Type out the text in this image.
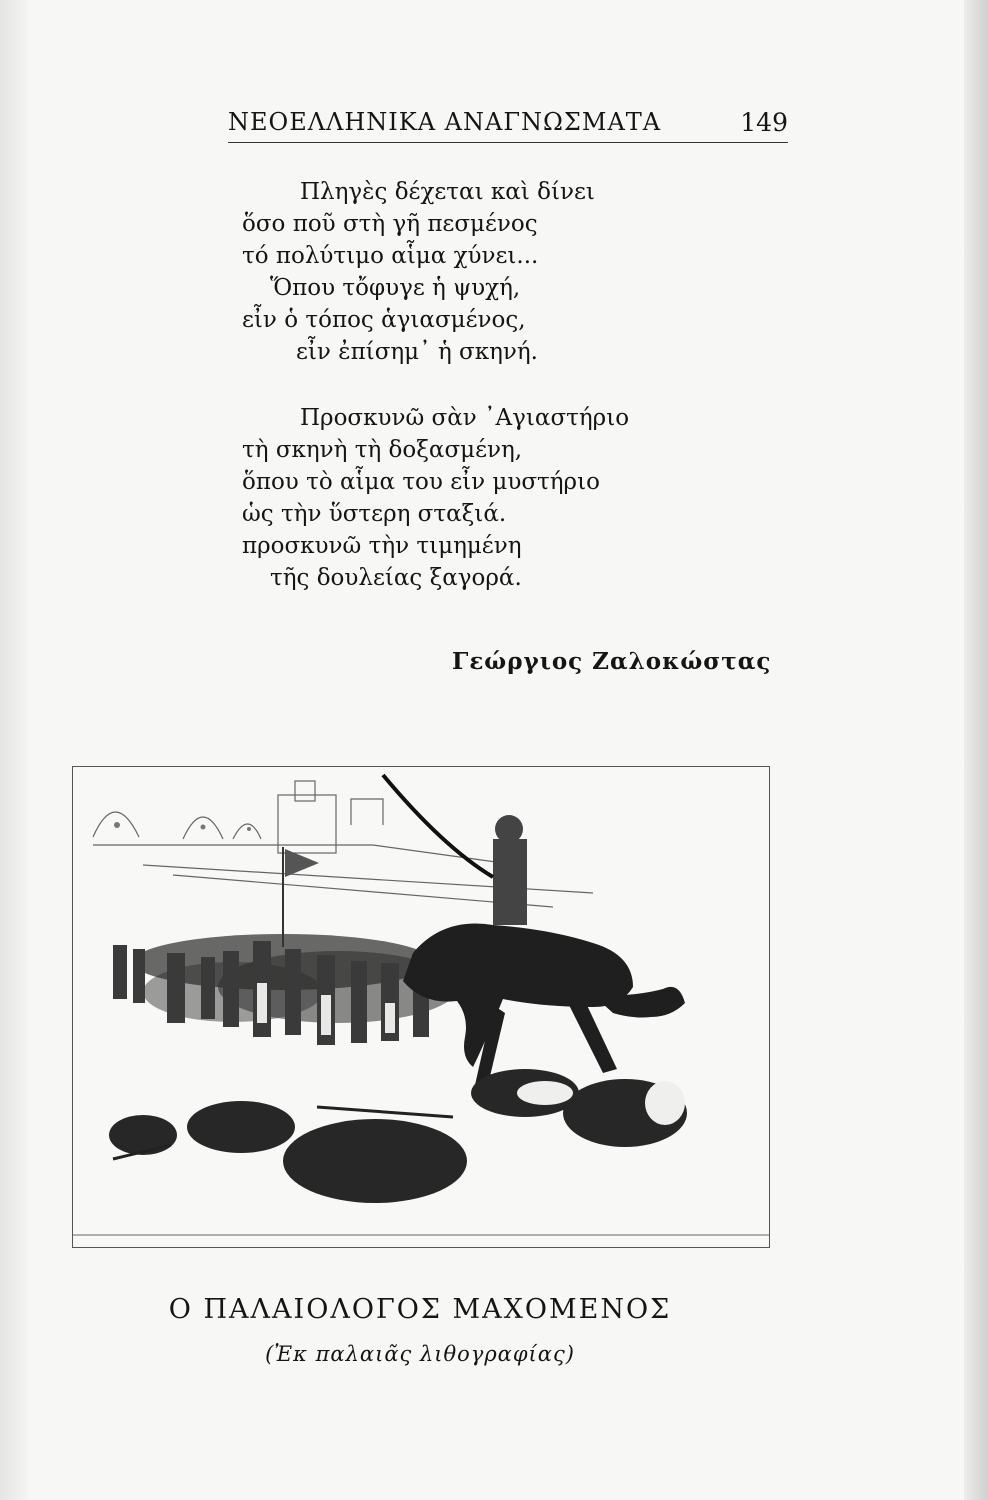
ΝΕΟΕΛΛΗΝΙΚΑ ΑΝΑΓΝΩΣΜΑΤΑ	149
Πληγὲς δέχεται καὶ δίνει
ὅσο ποῦ στὴ γῆ πεσμένος
τό πολύτιμο αἷμα χύνει...
Ὅπου τὄφυγε ἡ ψυχή,
εἶν ὁ τόπος ἁγιασμένος,
εἶν ἐπίσημ᾽ ἡ σκηνή.
Προσκυνῶ σὰν ᾿Αγιαστήριο
τὴ σκηνὴ τὴ δοξασμένη,
ὅπου τὸ αἷμα του εἶν μυστήριο
ὡς τὴν ὕστερη σταξιά.
προσκυνῶ τὴν τιμημένη
τῆς δουλείας ξαγορά.
Γεώργιος Ζαλοκώστας
Ο ΠΑΛΑΙΟΛΟΓΟΣ ΜΑΧΟΜΕΝΟΣ
(Ἐκ παλαιᾶς λιθογραφίας)
